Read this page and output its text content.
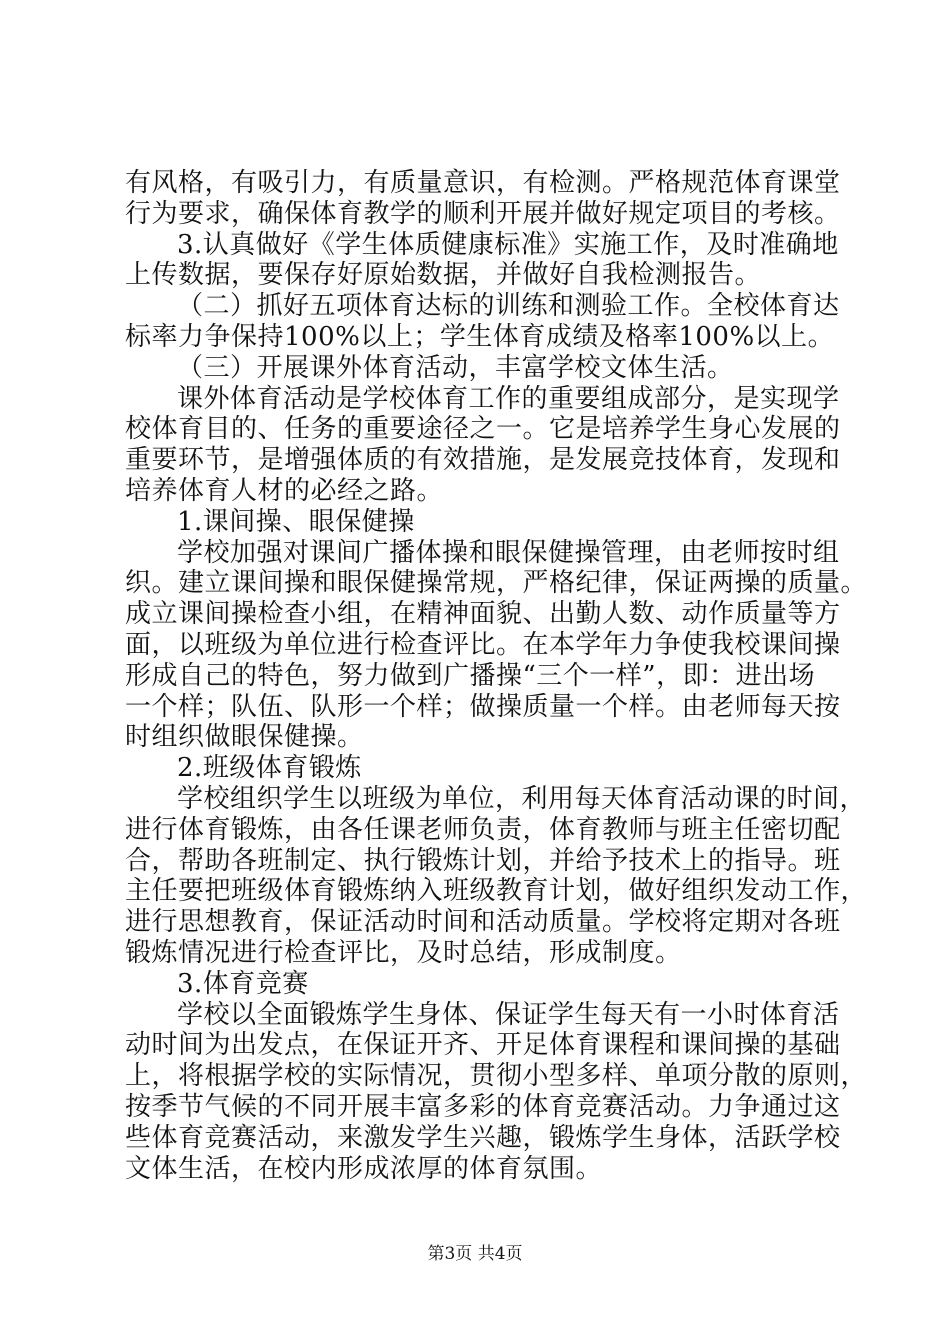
有风格，有吸引力，有质量意识，有检测。严格规范体育课堂
行为要求，确保体育教学的顺利开展并做好规定项目的考核。
3.认真做好《学生体质健康标准》实施工作，及时准确地
上传数据，要保存好原始数据，并做好自我检测报告。
（二）抓好五项体育达标的训练和测验工作。全校体育达
标率力争保持100%以上；学生体育成绩及格率100%以上。
（三）开展课外体育活动，丰富学校文体生活。
课外体育活动是学校体育工作的重要组成部分，是实现学
校体育目的、任务的重要途径之一。它是培养学生身心发展的
重要环节，是增强体质的有效措施，是发展竞技体育，发现和
培养体育人材的必经之路。
1.课间操、眼保健操
学校加强对课间广播体操和眼保健操管理，由老师按时组
织。建立课间操和眼保健操常规，严格纪律，保证两操的质量。
成立课间操检查小组，在精神面貌、出勤人数、动作质量等方
面，以班级为单位进行检查评比。在本学年力争使我校课间操
形成自己的特色，努力做到广播操“三个一样”，即：进出场
一个样；队伍、队形一个样；做操质量一个样。由老师每天按
时组织做眼保健操。
2.班级体育锻炼
学校组织学生以班级为单位，利用每天体育活动课的时间，
进行体育锻炼，由各任课老师负责，体育教师与班主任密切配
合，帮助各班制定、执行锻炼计划，并给予技术上的指导。班
主任要把班级体育锻炼纳入班级教育计划，做好组织发动工作，
进行思想教育，保证活动时间和活动质量。学校将定期对各班
锻炼情况进行检查评比，及时总结，形成制度。
3.体育竞赛
学校以全面锻炼学生身体、保证学生每天有一小时体育活
动时间为出发点，在保证开齐、开足体育课程和课间操的基础
上，将根据学校的实际情况，贯彻小型多样、单项分散的原则，
按季节气候的不同开展丰富多彩的体育竞赛活动。力争通过这
些体育竞赛活动，来激发学生兴趣，锻炼学生身体，活跃学校
文体生活，在校内形成浓厚的体育氛围。
第3页 共4页
